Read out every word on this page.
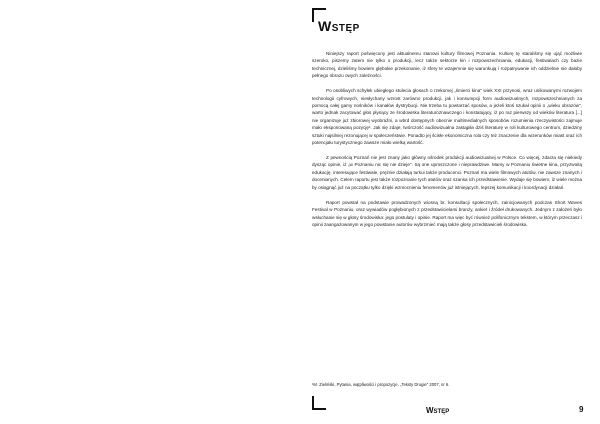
Wstęp

Niniejszy raport poświęcony jest aktualnemu stanowi kultury filmowej Poznania. Kulturę tę staraliśmy się ująć możliwie szeroko, piszemy zatem nie tylko o produkcji, lecz także sektorze kin i rozpowszechniania, edukacji, festiwalach czy bazie technicznej, dzieliśmy bowiem głębokie przekonanie, iż sfery te wzajemnie się warunkują i rozpatrywanie ich oddzielnie nie dałoby pełnego obrazu owych zależności.

Po osobliwych schyłek ubiegłego stulecia głosach o rzekomej „śmierci kina" wiek XXI przynosi, wraz unikowanymi rozwojem technologii cyfrowych, niesłychany wzrost zarówno produkcji, jak i konsumpcji form audiowizualnych, rozpowszechnianych za pomocą całej gamy nośników i kanałów dystrybucji. Nie trzeba tu powtarzać sposów, a jeżeli ktoś szukał opinii o „wieku obrazów", warto jednak zacytować głos płynący ze środowiska literaturoznawczego i konstatujący, iż po raz pierwszy od wieków literatura [...] nie organizuje już zbiorowej wyobraźni, a wbrd dostępnych obecnie multimedialnych sposobów rozumienia rzeczywistości zajmuje mało eksponowaną pozycję¹. Jak się zdaje, twórczość audiowizualna zastąpiła dziś literaturę w roli kulturowego centrum, dziedziny sztuki najsilniej rezonującej w społeczeństwie. Ponadto jej ścisłe ekonomiczna rola czy też znaczenie dla wizerunków miast oraz ich potencjału turystycznego zawsze miało wielką wartość.

Z pewnością Poznań nie jest znany jako główny ośrodek produkcji audiowizualnej w Polsce. Co więcej, zdarza się niekiedy dysząc opinie, iż „w Poznaniu nic się nie dzieje". Są one uproszczone i nieprawdziwe. Mamy w Poznaniu świetne kina, przyzwoitą edukację, interesujące festiwale, prężnie działają turkui także producenci. Poznań ma wiele filmowych atutów, nie zawsze znanych i docenianych. Celem raportu jest także rozpoznanie tych atutów oraz szansa ich przedstawienie. Wydaje się bowiem, iż wiele można by osiągnąć już na początku tylko dzięki wzmocnieniu fenomenów już istniejących, lepszej komunikacji i koordynacji działań.

Raport powstał na podstawie prowadzonych wiosną br. konsultacji społecznych, zainicjowanych podczas Short Waves Festival w Poznaniu, oraz wywiadów pogłębionych z przedstawicielami branży, ankiet i źródeł drukowanych. Jednym z założeń było wsłuchanie się w głosy środowiska: jego postulaty i opinie. Raport ma więc być również polifonicznym tekstem, w którym przeczasz i opinii zaangażowanym w jego powstanie autorów wybrzmieć mają także głosy przedstawicieli środowiska.

¹M. Zieliński, Pytania, wątpliwości i propozycje, „Teksty Drugie" 2007, nr 6.
Wstęp	9
